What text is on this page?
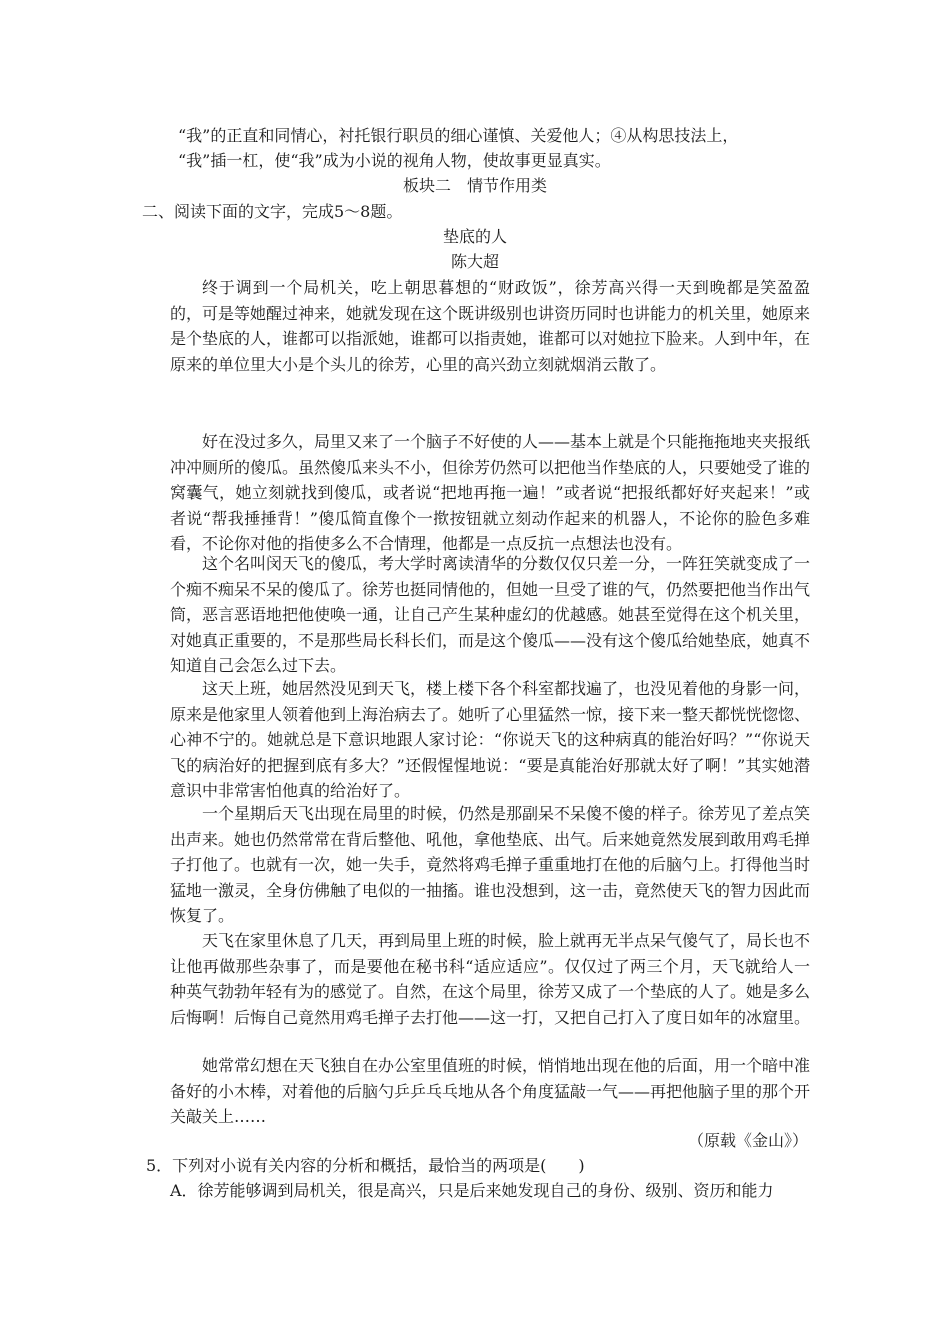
“我”的正直和同情心，衬托银行职员的细心谨慎、关爱他人；④从构思技法上，
“我”插一杠，使“我”成为小说的视角人物，使故事更显真实。
板块二　情节作用类
二、阅读下面的文字，完成5～8题。
垫底的人
陈大超
终于调到一个局机关，吃上朝思暮想的“财政饭”，徐芳高兴得一天到晚都是笑盈盈的，可是等她醒过神来，她就发现在这个既讲级别也讲资历同时也讲能力的机关里，她原来是个垫底的人，谁都可以指派她，谁都可以指责她，谁都可以对她拉下脸来。人到中年，在原来的单位里大小是个头儿的徐芳，心里的高兴劲立刻就烟消云散了。
好在没过多久，局里又来了一个脑子不好使的人——基本上就是个只能拖拖地夹夹报纸冲冲厕所的傻瓜。虽然傻瓜来头不小，但徐芳仍然可以把他当作垫底的人，只要她受了谁的窝囊气，她立刻就找到傻瓜，或者说“把地再拖一遍！”或者说“把报纸都好好夹起来！”或者说“帮我捶捶背！”傻瓜简直像个一揿按钮就立刻动作起来的机器人，不论你的脸色多难看，不论你对他的指使多么不合情理，他都是一点反抗一点想法也没有。
这个名叫闵天飞的傻瓜，考大学时离读清华的分数仅仅只差一分，一阵狂笑就变成了一个痴不痴呆不呆的傻瓜了。徐芳也挺同情他的，但她一旦受了谁的气，仍然要把他当作出气筒，恶言恶语地把他使唤一通，让自己产生某种虚幻的优越感。她甚至觉得在这个机关里，对她真正重要的，不是那些局长科长们，而是这个傻瓜——没有这个傻瓜给她垫底，她真不知道自己会怎么过下去。
这天上班，她居然没见到天飞，楼上楼下各个科室都找遍了，也没见着他的身影一问，原来是他家里人领着他到上海治病去了。她听了心里猛然一惊，接下来一整天都恍恍惚惚、心神不宁的。她就总是下意识地跟人家讨论：“你说天飞的这种病真的能治好吗？”“你说天飞的病治好的把握到底有多大？”还假惺惺地说：“要是真能治好那就太好了啊！”其实她潜意识中非常害怕他真的给治好了。
一个星期后天飞出现在局里的时候，仍然是那副呆不呆傻不傻的样子。徐芳见了差点笑出声来。她也仍然常常在背后整他、吼他，拿他垫底、出气。后来她竟然发展到敢用鸡毛掸子打他了。也就有一次，她一失手，竟然将鸡毛掸子重重地打在他的后脑勺上。打得他当时猛地一激灵，全身仿佛触了电似的一抽搐。谁也没想到，这一击，竟然使天飞的智力因此而恢复了。
天飞在家里休息了几天，再到局里上班的时候，脸上就再无半点呆气傻气了，局长也不让他再做那些杂事了，而是要他在秘书科“适应适应”。仅仅过了两三个月，天飞就给人一种英气勃勃年轻有为的感觉了。自然，在这个局里，徐芳又成了一个垫底的人了。她是多么后悔啊！后悔自己竟然用鸡毛掸子去打他——这一打，又把自己打入了度日如年的冰窟里。
她常常幻想在天飞独自在办公室里值班的时候，悄悄地出现在他的后面，用一个暗中准备好的小木棒，对着他的后脑勺乒乒乓乓地从各个角度猛敲一气——再把他脑子里的那个开关敲关上……
（原载《金山》）
5．下列对小说有关内容的分析和概括，最恰当的两项是(　　)
A．徐芳能够调到局机关，很是高兴，只是后来她发现自己的身份、级别、资历和能力
